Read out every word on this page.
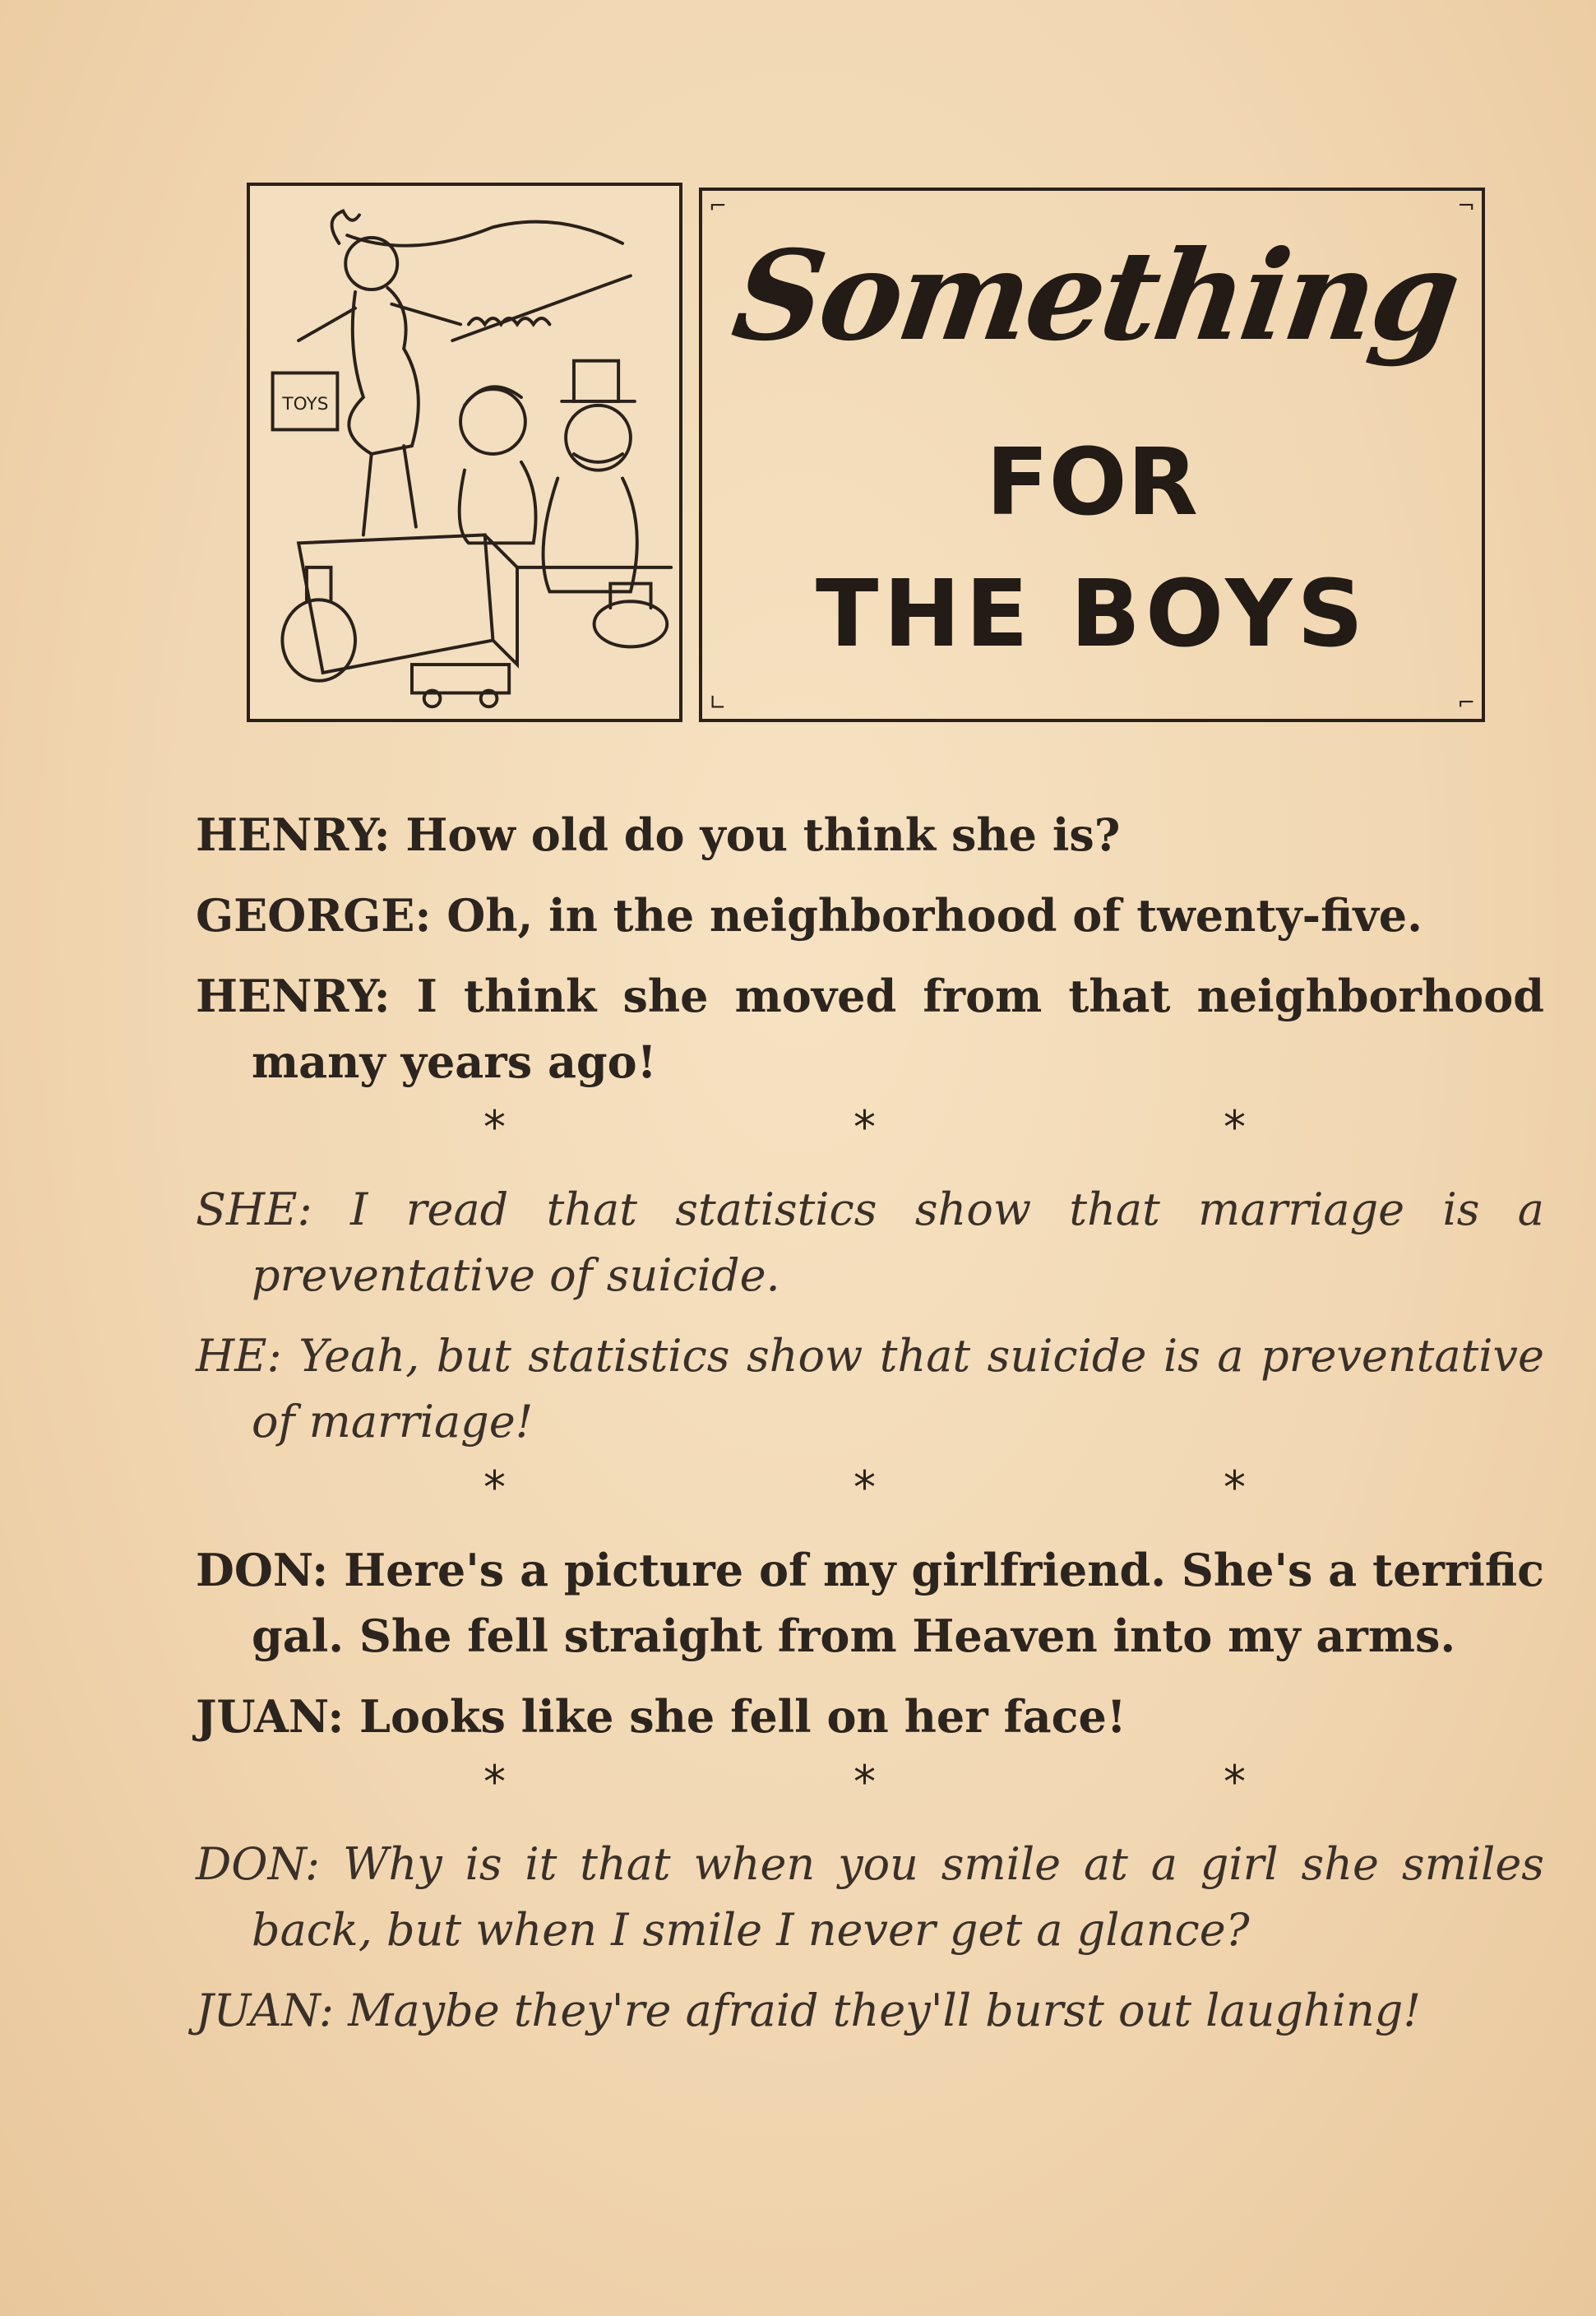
TOYS
⌐	¬
∟	⌐
Something
FOR
THE BOYS

HENRY: How old do you think she is?

GEORGE: Oh, in the neighborhood of twenty-five.

HENRY: I think she moved from that neighborhood many years ago!

*	*	*

SHE: I read that statistics show that marriage is a preventative of suicide.

HE: Yeah, but statistics show that suicide is a preventative of marriage!

*	*	*

DON: Here's a picture of my girlfriend. She's a terrific gal. She fell straight from Heaven into my arms.

JUAN: Looks like she fell on her face!

*	*	*

DON: Why is it that when you smile at a girl she smiles back, but when I smile I never get a glance?

JUAN: Maybe they're afraid they'll burst out laughing!
